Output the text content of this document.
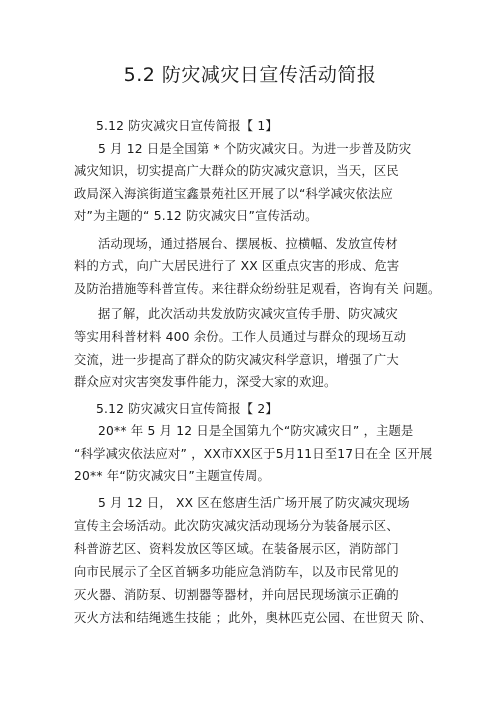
5.2 防灾减灾日宣传活动简报
5.12 防灾减灾日宣传简报【 1】
5 月 12 日是全国第 * 个防灾减灾日。为进一步普及防灾
减灾知识，切实提高广大群众的防灾减灾意识，当天，区民
政局深入海滨街道宝鑫景苑社区开展了以“科学减灾依法应
对”为主题的“ 5.12 防灾减灾日”宣传活动。
活动现场，通过搭展台、摆展板、拉横幅、发放宣传材
料的方式，向广大居民进行了 XX 区重点灾害的形成、危害
及防治措施等科普宣传。来往群众纷纷驻足观看，咨询有关 问题。
据了解，此次活动共发放防灾减灾宣传手册、防灾减灾
等实用科普材料 400 余份。工作人员通过与群众的现场互动
交流，进一步提高了群众的防灾减灾科学意识，增强了广大
群众应对灾害突发事件能力，深受大家的欢迎。
5.12 防灾减灾日宣传简报【 2】
20** 年 5 月 12 日是全国第九个“防灾减灾日” ，主题是
“科学减灾依法应对” ，XX市XX区于5月11日至17日在全 区开展
20** 年“防灾减灾日”主题宣传周。
5 月 12 日， XX 区在悠唐生活广场开展了防灾减灾现场
宣传主会场活动。此次防灾减灾活动现场分为装备展示区、
科普游艺区、资料发放区等区域。在装备展示区，消防部门
向市民展示了全区首辆多功能应急消防车，以及市民常见的
灭火器、消防泵、切割器等器材，并向居民现场演示正确的
灭火方法和结绳逃生技能 ；此外，奥林匹克公园、在世贸天 阶、
